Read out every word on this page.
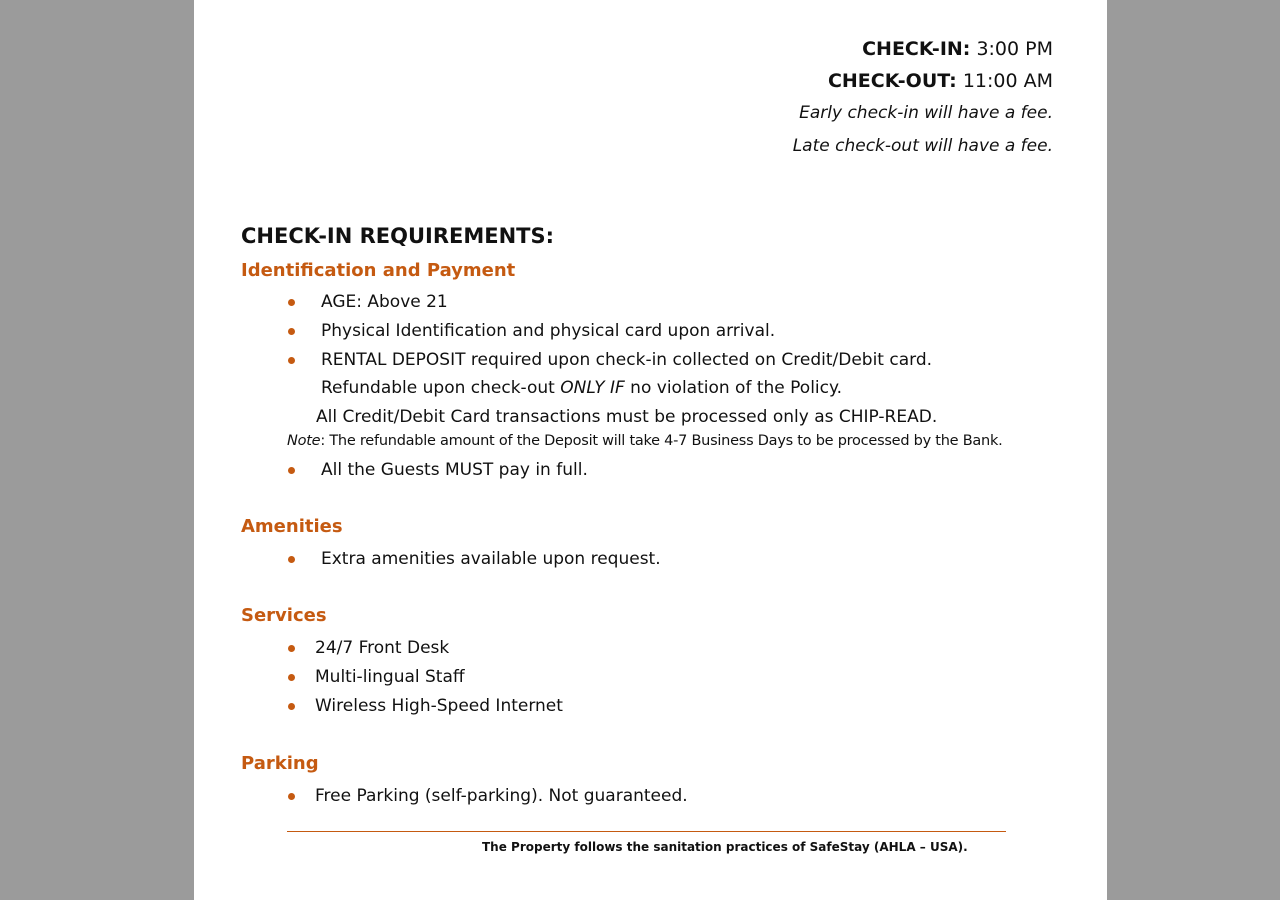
CHECK-IN: 3:00 PM
CHECK-OUT: 11:00 AM
Early check-in will have a fee.
Late check-out will have a fee.
CHECK-IN REQUIREMENTS:
Identification and Payment
AGE: Above 21
Physical Identification and physical card upon arrival.
RENTAL DEPOSIT required upon check-in collected on Credit/Debit card.
Refundable upon check-out ONLY IF no violation of the Policy.
All Credit/Debit Card transactions must be processed only as CHIP-READ.
Note: The refundable amount of the Deposit will take 4-7 Business Days to be processed by the Bank.
All the Guests MUST pay in full.
Amenities
Extra amenities available upon request.
Services
24/7 Front Desk
Multi-lingual Staff
Wireless High-Speed Internet
Parking
Free Parking (self-parking). Not guaranteed.
The Property follows the sanitation practices of SafeStay (AHLA – USA).
